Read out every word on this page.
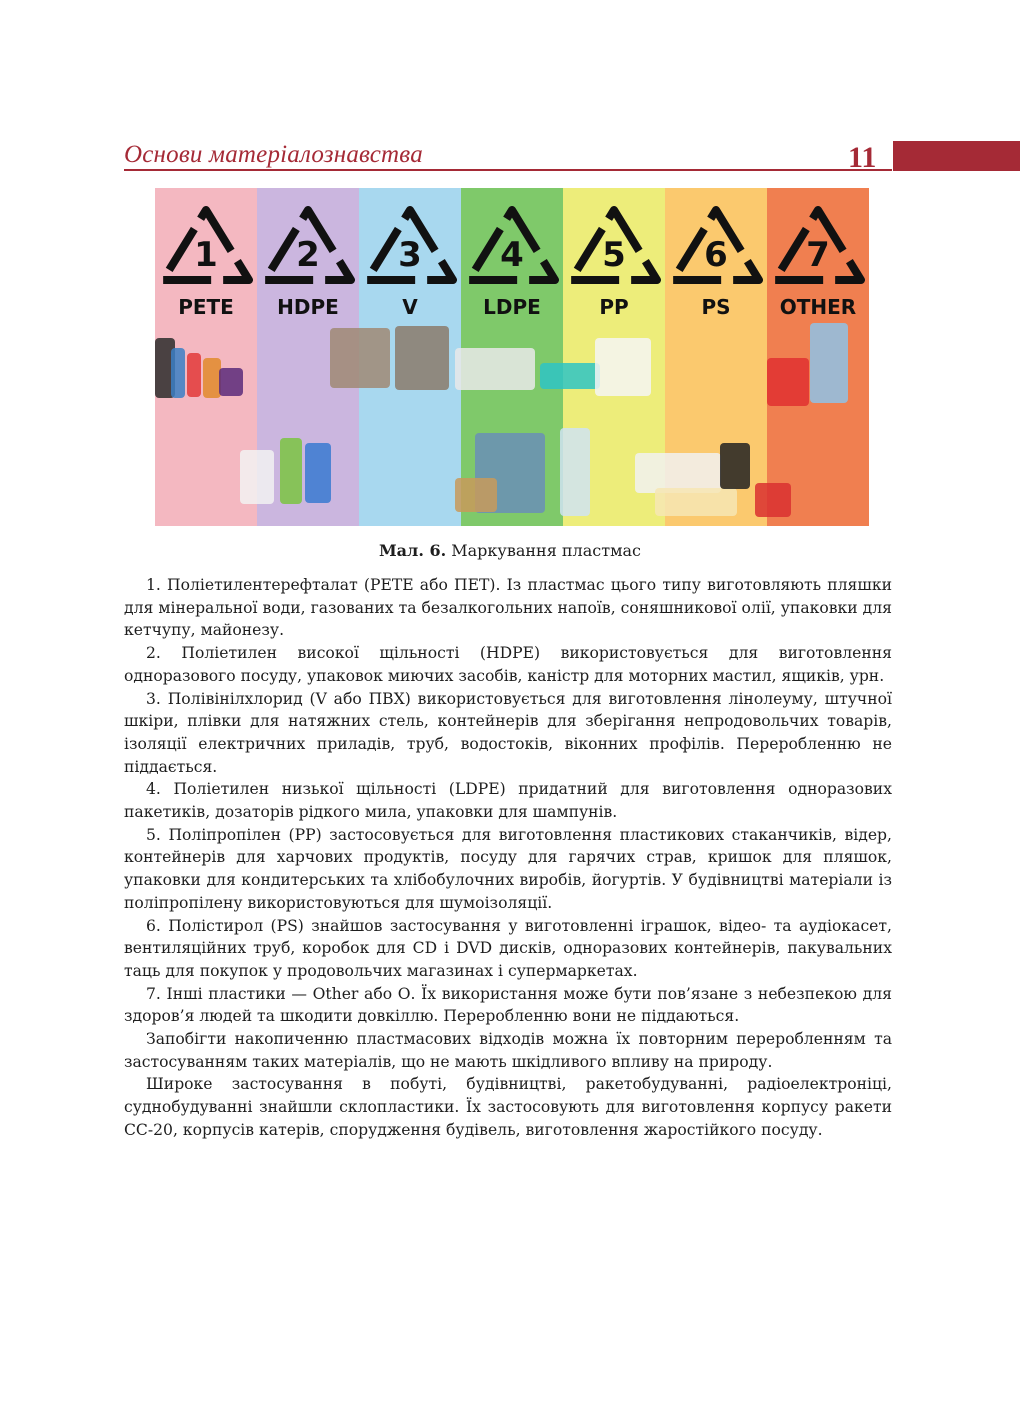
Основи матеріалознавства	11
1
PETE
2
HDPE
3
V
4
LDPE
5
PP
6
PS
7
OTHER
Мал. 6. Маркування пластмас

1. Поліетилентерефталат (PETE або ПЕТ). Із пластмас цього типу виготовляють пляшки для мінеральної води, газованих та безалкогольних напоїв, соняшникової олії, упаковки для кетчупу, майонезу.

2. Поліетилен високої щільності (HDPE) використовується для виготовлення одноразового посуду, упаковок миючих засобів, каністр для моторних мастил, ящиків, урн.

3. Полівінілхлорид (V або ПВХ) використовується для виготовлення лінолеуму, штучної шкіри, плівки для натяжних стель, контейнерів для зберігання непродовольчих товарів, ізоляції електричних приладів, труб, водостоків, віконних профілів. Переробленню не піддається.

4. Поліетилен низької щільності (LDPE) придатний для виготовлення одноразових пакетиків, дозаторів рідкого мила, упаковки для шампунів.

5. Поліпропілен (PP) застосовується для виготовлення пластикових стаканчиків, відер, контейнерів для харчових продуктів, посуду для гарячих страв, кришок для пляшок, упаковки для кондитерських та хлібобулочних виробів, йогуртів. У будівництві матеріали із поліпропілену використовуються для шумоізоляції.

6. Полістирол (PS) знайшов застосування у виготовленні іграшок, відео- та аудіокасет, вентиляційних труб, коробок для CD і DVD дисків, одноразових контейнерів, пакувальних таць для покупок у продовольчих магазинах і супермаркетах.

7. Інші пластики — Other або О. Їх використання може бути пов’язане з небезпекою для здоров’я людей та шкодити довкіллю. Переробленню вони не піддаються.

Запобігти накопиченню пластмасових відходів можна їх повторним переробленням та застосуванням таких матеріалів, що не мають шкідливого впливу на природу.

Широке застосування в побуті, будівництві, ракетобудуванні, радіоелектроніці, суднобудуванні знайшли склопластики. Їх застосовують для виготовлення корпусу ракети СС-20, корпусів катерів, спорудження будівель, виготовлення жаростійкого посуду.
